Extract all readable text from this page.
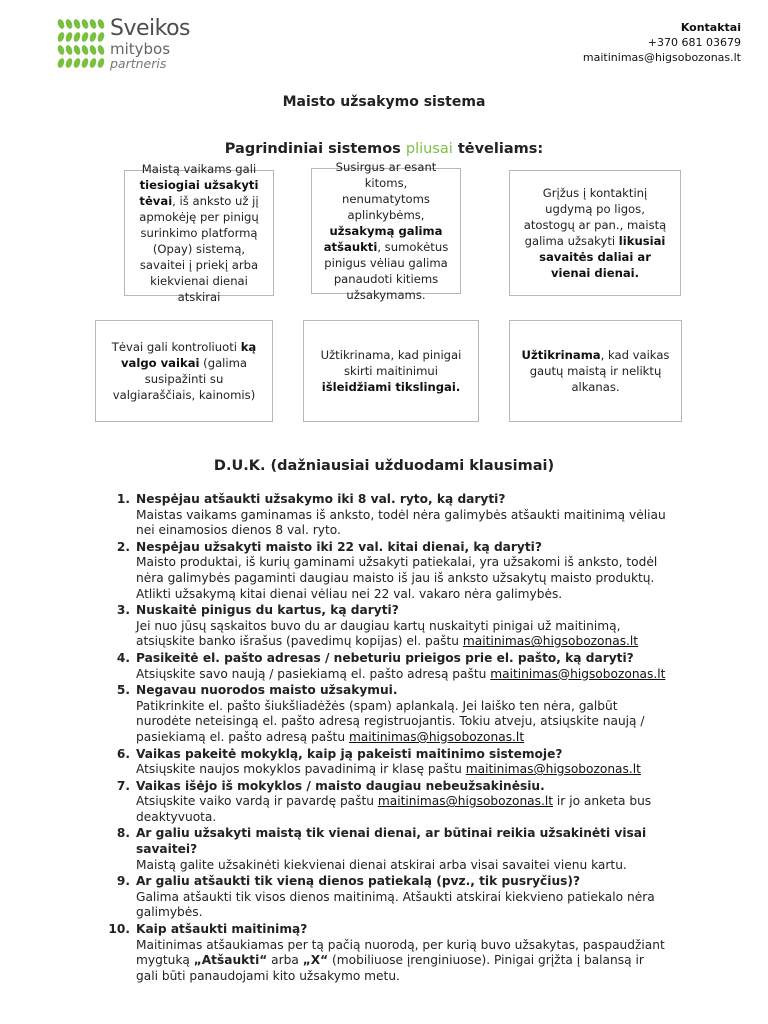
Sveikos
mitybos
partneris
Kontaktai
+370 681 03679
maitinimas@higsobozonas.lt
Maisto užsakymo sistema
Pagrindiniai sistemos pliusai tėveliams:
Maistą vaikams gali tiesiogiai užsakyti tėvai, iš anksto už jį apmokėję per pinigų surinkimo platformą (Opay) sistemą, savaitei į priekį arba kiekvienai dienai atskirai
Susirgus ar esant kitoms, nenumatytoms aplinkybėms, užsakymą galima atšaukti, sumokėtus pinigus vėliau galima panaudoti kitiems užsakymams.
Grįžus į kontaktinį ugdymą po ligos, atostogų ar pan., maistą galima užsakyti likusiai savaitės daliai ar vienai dienai.
Tėvai gali kontroliuoti ką valgo vaikai (galima susipažinti su valgiaraščiais, kainomis)
Užtikrinama, kad pinigai skirti maitinimui išleidžiami tikslingai.
Užtikrinama, kad vaikas gautų maistą ir neliktų alkanas.
D.U.K. (dažniausiai užduodami klausimai)
1. Nespėjau atšaukti užsakymo iki 8 val. ryto, ką daryti?
Maistas vaikams gaminamas iš anksto, todėl nėra galimybės atšaukti maitinimą vėliau nei einamosios dienos 8 val. ryto.
2. Nespėjau užsakyti maisto iki 22 val. kitai dienai, ką daryti?
Maisto produktai, iš kurių gaminami užsakyti patiekalai, yra užsakomi iš anksto, todėl nėra galimybės pagaminti daugiau maisto iš jau iš anksto užsakytų maisto produktų. Atlikti užsakymą kitai dienai vėliau nei 22 val. vakaro nėra galimybės.
3. Nuskaitė pinigus du kartus, ką daryti?
Jei nuo jūsų sąskaitos buvo du ar daugiau kartų nuskaityti pinigai už maitinimą, atsiųskite banko išrašus (pavedimų kopijas) el. paštu maitinimas@higsobozonas.lt
4. Pasikeitė el. pašto adresas / nebeturiu prieigos prie el. pašto, ką daryti?
Atsiųskite savo naują / pasiekiamą el. pašto adresą paštu maitinimas@higsobozonas.lt
5. Negavau nuorodos maisto užsakymui.
Patikrinkite el. pašto šiukšliadėžės (spam) aplankalą. Jei laiško ten nėra, galbūt nurodėte neteisingą el. pašto adresą registruojantis. Tokiu atveju, atsiųskite naują / pasiekiamą el. pašto adresą paštu maitinimas@higsobozonas.lt
6. Vaikas pakeitė mokyklą, kaip ją pakeisti maitinimo sistemoje?
Atsiųskite naujos mokyklos pavadinimą ir klasę paštu maitinimas@higsobozonas.lt
7. Vaikas išėjo iš mokyklos / maisto daugiau nebeužsakinėsiu.
Atsiųskite vaiko vardą ir pavardę paštu maitinimas@higsobozonas.lt ir jo anketa bus deaktyvuota.
8. Ar galiu užsakyti maistą tik vienai dienai, ar būtinai reikia užsakinėti visai savaitei?
Maistą galite užsakinėti kiekvienai dienai atskirai arba visai savaitei vienu kartu.
9. Ar galiu atšaukti tik vieną dienos patiekalą (pvz., tik pusryčius)?
Galima atšaukti tik visos dienos maitinimą. Atšaukti atskirai kiekvieno patiekalo nėra galimybės.
10. Kaip atšaukti maitinimą?
Maitinimas atšaukiamas per tą pačią nuorodą, per kurią buvo užsakytas, paspaudžiant mygtuką „Atšaukti“ arba „X“ (mobiliuose įrenginiuose). Pinigai grįžta į balansą ir gali būti panaudojami kito užsakymo metu.
